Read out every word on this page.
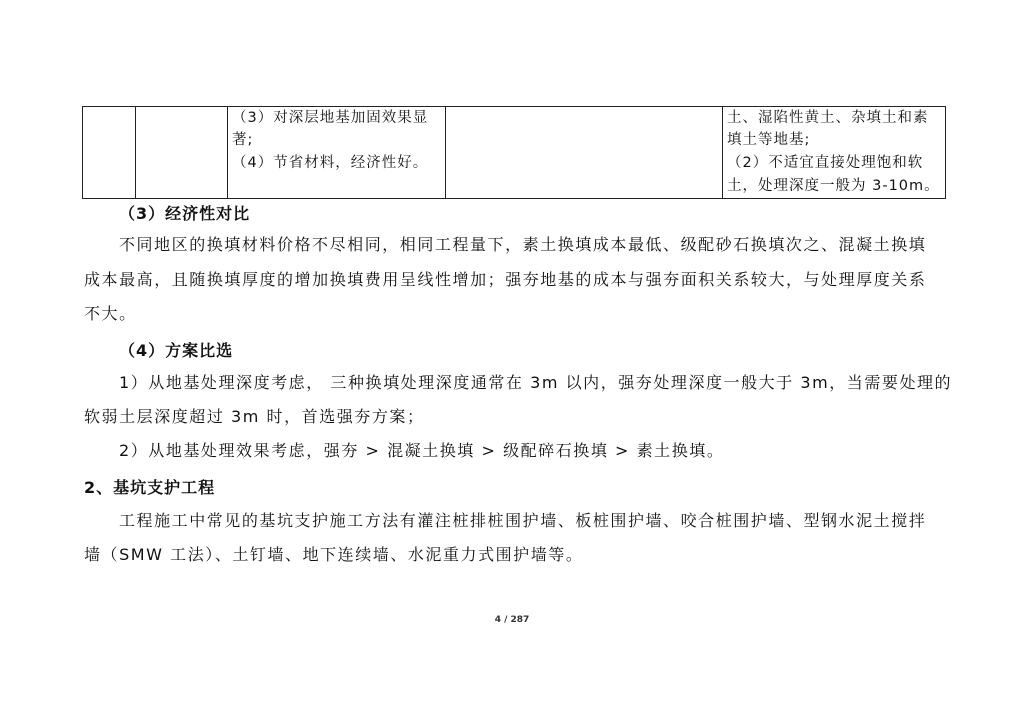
（3）对深层地基加固效果显
著;
（4）节省材料，经济性好。
土、湿陷性黄土、杂填土和素
填土等地基;
（2）不适宜直接处理饱和软
土，处理深度一般为 3-10m。
（3）经济性对比
不同地区的换填材料价格不尽相同，相同工程量下，素土换填成本最低、级配砂石换填次之、混凝土换填
成本最高，且随换填厚度的增加换填费用呈线性增加；强夯地基的成本与强夯面积关系较大，与处理厚度关系
不大。
（4）方案比选
1）从地基处理深度考虑， 三种换填处理深度通常在 3m 以内，强夯处理深度一般大于 3m，当需要处理的
软弱土层深度超过 3m 时，首选强夯方案；
2）从地基处理效果考虑，强夯 > 混凝土换填 > 级配碎石换填 > 素土换填。
2、基坑支护工程
工程施工中常见的基坑支护施工方法有灌注桩排桩围护墙、板桩围护墙、咬合桩围护墙、型钢水泥土搅拌
墙（SMW 工法）、土钉墙、地下连续墙、水泥重力式围护墙等。
4 / 287
